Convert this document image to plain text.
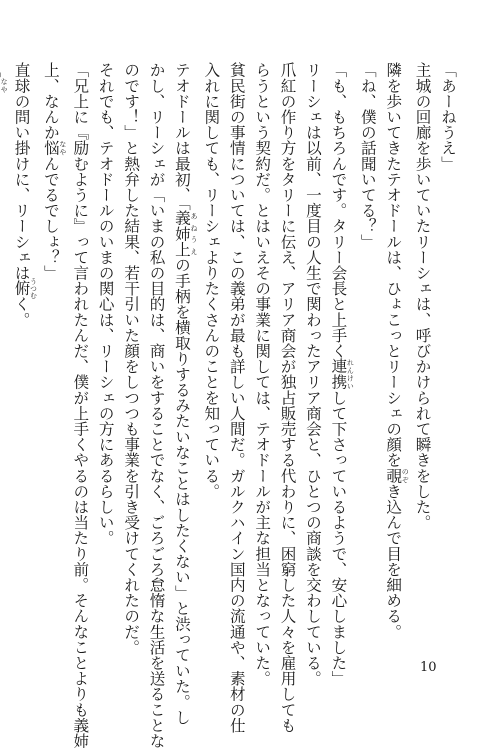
「あーねうえ」

主城の回廊を歩いていたリーシェは、呼びかけられて瞬きをした。

隣を歩いてきたテオドールは、ひょこっとリーシェの顔を覗 のぞき込んで目を細める。

「ね、僕の話聞いてる？」

「も、もちろんです。タリー会長と上手く連携 れんけいして下さっているようで、安心しました」

リーシェは以前、一度目の人生で関わったアリア商会と、ひとつの商談を交わしている。

爪紅の作り方をタリーに伝え、アリア商会が独占販売する代わりに、困窮した人々を雇用しても

らうという契約だ。とはいえその事業に関しては、テオドールが主な担当となっていた。

貧民街の事情については、この義弟が最も詳しい人間だ。ガルクハイン国内の流通や、素材の仕

入れに関しても、リーシェよりたくさんのことを知っている。

テオドールは最初、「義姉上 あねうえの手柄を横取りするみたいなことはしたくない」と渋っていた。し

かし、リーシェが「いまの私の目的は、商いをすることでなく、ごろごろ怠惰な生活を送ることな

のです！」と熱弁した結果、若干引いた顔をしつつも事業を引き受けてくれたのだ。

それでも、テオドールのいまの関心は、リーシェの方にあるらしい。

「兄上に『励むように』って言われたんだ、僕が上手くやるのは当たり前。そんなことよりも義姉

上、なんか悩 なやんでるでしょ？」

直球の問い掛けに、リーシェは俯 うつむく。

なや

10
